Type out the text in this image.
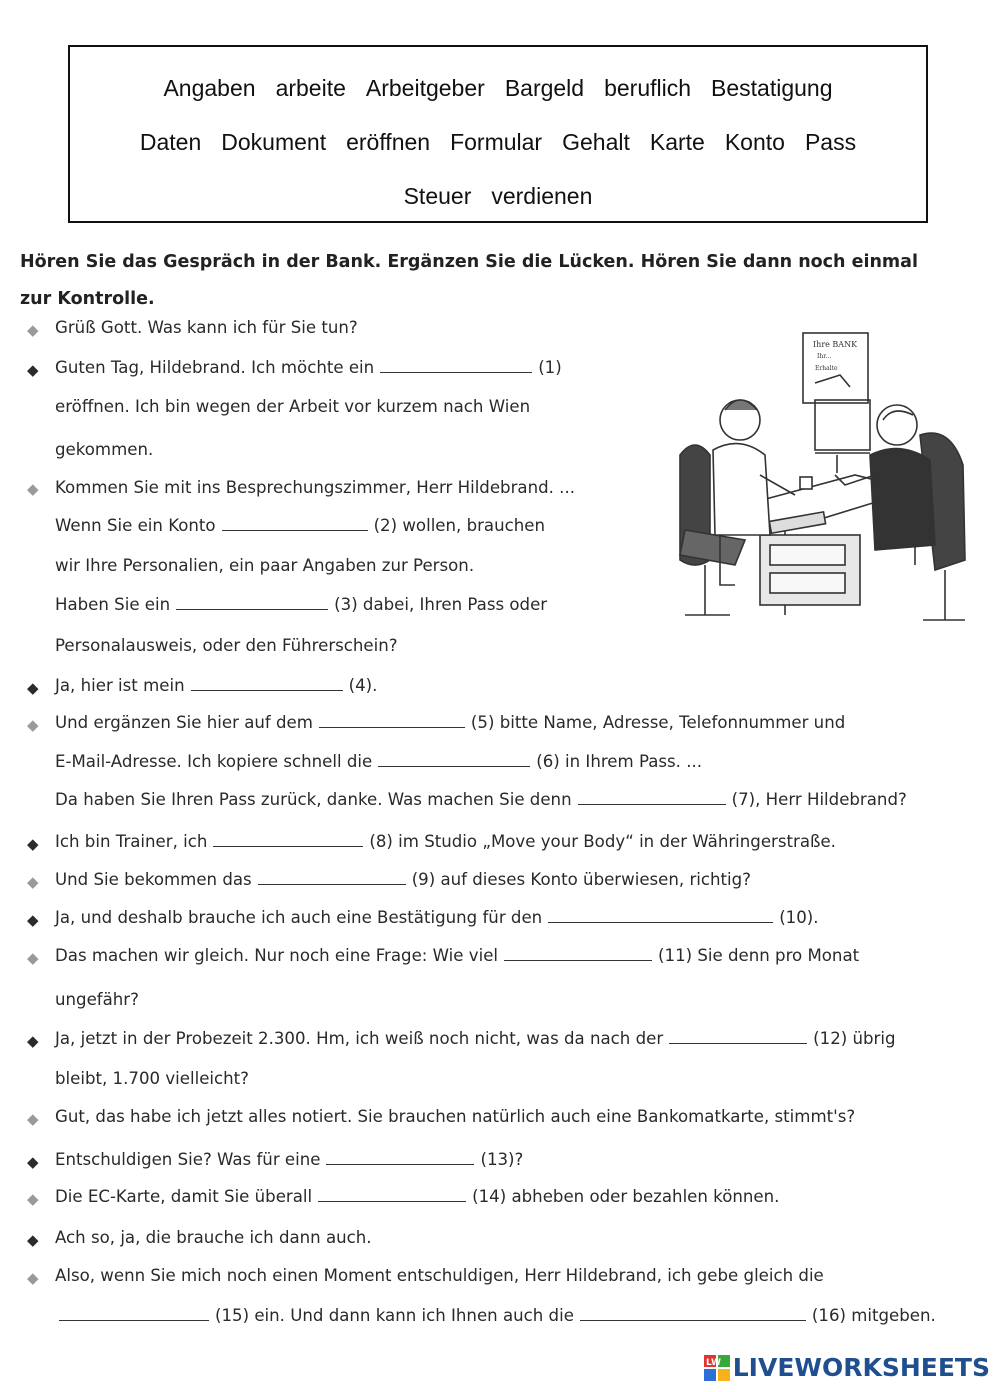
Angaben arbeite Arbeitgeber Bargeld beruflich Bestatigung
Daten Dokument eröffnen Formular Gehalt Karte Konto Pass
Steuer verdienen
Hören Sie das Gespräch in der Bank. Ergänzen Sie die Lücken. Hören Sie dann noch einmal
zur Kontrolle.
◆ Grüß Gott. Was kann ich für Sie tun?
◆ Guten Tag, Hildebrand. Ich möchte ein	(1)
eröffnen. Ich bin wegen der Arbeit vor kurzem nach Wien
gekommen.
◆ Kommen Sie mit ins Besprechungszimmer, Herr Hildebrand. ...
Wenn Sie ein Konto	(2) wollen, brauchen
wir Ihre Personalien, ein paar Angaben zur Person.
Haben Sie ein	(3) dabei, Ihren Pass oder
Personalausweis, oder den Führerschein?
◆ Ja, hier ist mein	(4).
◆ Und ergänzen Sie hier auf dem	(5) bitte Name, Adresse, Telefonnummer und
E-Mail-Adresse. Ich kopiere schnell die	(6) in Ihrem Pass. ...
Da haben Sie Ihren Pass zurück, danke. Was machen Sie denn	(7), Herr Hildebrand?
◆ Ich bin Trainer, ich	(8) im Studio „Move your Body“ in der Währingerstraße.
◆ Und Sie bekommen das	(9) auf dieses Konto überwiesen, richtig?
◆ Ja, und deshalb brauche ich auch eine Bestätigung für den	(10).
◆ Das machen wir gleich. Nur noch eine Frage: Wie viel	(11) Sie denn pro Monat
ungefähr?
◆ Ja, jetzt in der Probezeit 2.300. Hm, ich weiß noch nicht, was da nach der	(12) übrig
bleibt, 1.700 vielleicht?
◆ Gut, das habe ich jetzt alles notiert. Sie brauchen natürlich auch eine Bankomatkarte, stimmt's?
◆ Entschuldigen Sie? Was für eine	(13)?
◆ Die EC-Karte, damit Sie überall	(14) abheben oder bezahlen können.
◆ Ach so, ja, die brauche ich dann auch.
◆ Also, wenn Sie mich noch einen Moment entschuldigen, Herr Hildebrand, ich gebe gleich die
(15) ein. Und dann kann ich Ihnen auch die	(16) mitgeben.
Ihre BANK
Ihr...
Erhalte
LW LIVEWORKSHEETS
